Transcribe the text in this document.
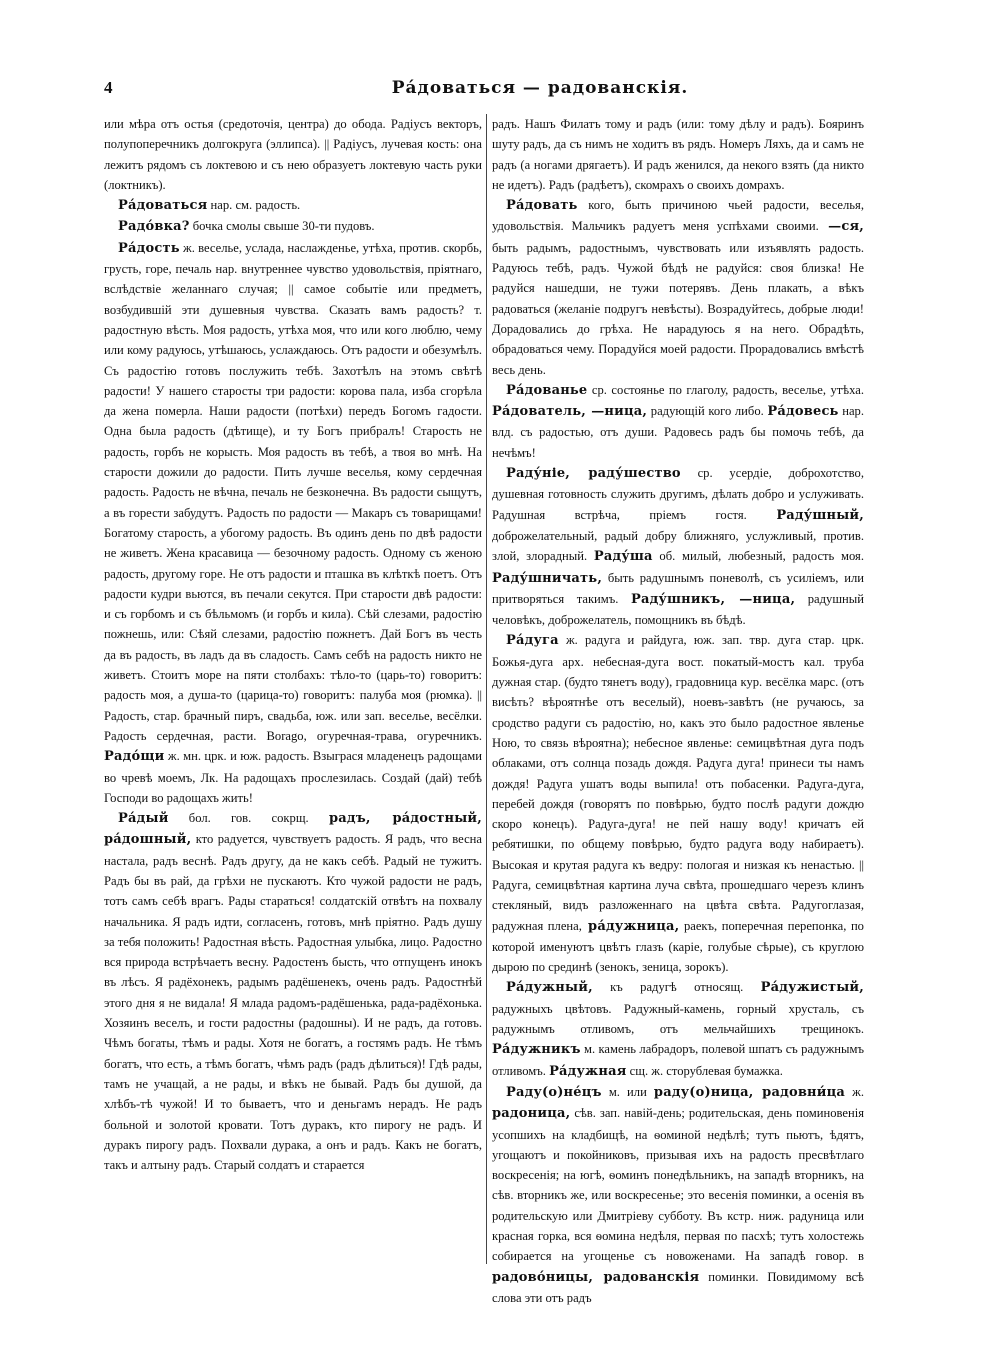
4	Ра́доваться — радованскія.

или мѣра отъ остья (средоточія, центра) до обода. Радіусъ векторъ, полупоперечникъ долгокруга (эллипса). || Радіусъ, лучевая кость: она лежитъ рядомъ съ локтевою и съ нею образуетъ локтевую часть руки (локтникъ).

Ра́доваться нар. см. радость.

Радо́вка? бочка смолы свыше 30-ти пудовъ.

Ра́дость ж. веселье, услада, наслажденье, утѣха, против. скорбь, грусть, горе, печаль нар. внутреннее чувство удовольствія, пріятнаго, вслѣдствіе желаннаго случая; || самое событіе или предметъ, возбудившій эти душевныя чувства. Сказать вамъ радость? т. радостную вѣсть. Моя радость, утѣха моя, что или кого люблю, чему или кому радуюсь, утѣшаюсь, услаждаюсь. Отъ радости и обезумѣлъ. Съ радостію готовъ послужить тебѣ. Захотѣлъ на этомъ свѣтѣ радости! У нашего старосты три радости: корова пала, изба сгорѣла да жена померла. Наши радости (потѣхи) передъ Богомъ гадости. Одна была радость (дѣтище), и ту Богъ прибралъ! Старость не радость, горбъ не корысть. Моя радость въ тебѣ, а твоя во мнѣ. На старости дожили до радости. Пить лучше веселья, кому сердечная радость. Радость не вѣчна, печаль не безконечна. Въ радости сыщутъ, а въ горести забудутъ. Радость по радости — Макаръ съ товарищами! Богатому старость, а убогому радость. Въ одинъ день по двѣ радости не живетъ. Жена красавица — безочному радость. Одному съ женою радость, другому горе. Не отъ радости и пташка въ клѣткѣ поетъ. Отъ радости кудри вьются, въ печали секутся. При старости двѣ радости: и съ горбомъ и съ бѣльмомъ (и горбъ и кила). Сѣй слезами, радостію пожнешь, или: Сѣяй слезами, радостію пожнетъ. Дай Богъ въ честь да въ радость, въ ладъ да въ сладость. Самъ себѣ на радость никто не живетъ. Стоитъ море на пяти столбахъ: тѣло-то (царь-то) говоритъ: радость моя, а душа-то (царица-то) говоритъ: палуба моя (рюмка). || Радость, стар. брачный пиръ, свадьба, юж. или зап. веселье, весёлки. Радость сердечная, расти. Borago, огуречная-трава, огуречникъ. Радо́щи ж. мн. црк. и юж. радость. Взыграся младенецъ радощами во чревѣ моемъ, Лк. На радощахъ прослезилась. Создай (дай) тебѣ Господи во радощахъ жить!

Ра́дый бол. гов. сокрщ. радъ, ра́достный, ра́дошный, кто радуется, чувствуетъ радость. Я радъ, что весна настала, радъ веснѣ. Радъ другу, да не какъ себѣ. Радый не тужитъ. Радъ бы въ рай, да грѣхи не пускаютъ. Кто чужой радости не радъ, тотъ самъ себѣ врагъ. Рады стараться! солдатскій отвѣтъ на похвалу начальника. Я радъ идти, согласенъ, готовъ, мнѣ пріятно. Радъ душу за тебя положить! Радостная вѣсть. Радостная улыбка, лицо. Радостно вся природа встрѣчаетъ весну. Радостенъ бысть, что отпущенъ инокъ въ лѣсъ. Я радёхонекъ, радымъ радёшенекъ, очень радъ. Радостнѣй этого дня я не видала! Я млада радомъ-радёшенька, рада-радёхонька. Хозяинъ веселъ, и гости радостны (радошны). И не радъ, да готовъ. Чѣмъ богаты, тѣмъ и рады. Хотя не богатъ, а гостямъ радъ. Не тѣмъ богатъ, что есть, а тѣмъ богатъ, чѣмъ радъ (радъ дѣлиться)! Гдѣ рады, тамъ не учащай, а не рады, и вѣкъ не бывай. Радъ бы душой, да хлѣбъ-тѣ чужой! И то бываетъ, что и деньгамъ нерадъ. Не радъ больной и золотой кровати. Тотъ дуракъ, кто пирогу не радъ. И дуракъ пирогу радъ. Похвали дурака, а онъ и радъ. Какъ не богатъ, такъ и алтыну радъ. Старый солдатъ и старается

радъ. Нашъ Филатъ тому и радъ (или: тому дѣлу и радъ). Бояринъ шуту радъ, да съ нимъ не ходитъ въ рядъ. Номеръ Ляхъ, да и самъ не радъ (а ногами дрягаетъ). И радъ женился, да некого взять (да никто не идетъ). Радъ (радѣетъ), скомрахъ о своихъ домрахъ.

Ра́довать кого, быть причиною чьей радости, веселья, удовольствія. Мальчикъ радуетъ меня успѣхами своими. —ся, быть радымъ, радостнымъ, чувствовать или изъявлять радость. Радуюсь тебѣ, радъ. Чужой бѣдѣ не радуйся: своя близка! Не радуйся нашедши, не тужи потерявъ. День плакать, а вѣкъ радоваться (желаніе подругъ невѣсты). Возрадуйтесь, добрые люди! Дорадовались до грѣха. Не нарадуюсь я на него. Обрадѣть, обрадоваться чему. Порадуйся моей радости. Прорадовались вмѣстѣ весь день.

Ра́дованье ср. состоянье по глаголу, радость, веселье, утѣха. Ра́дователь, —ница, радующій кого либо. Ра́довесь нар. влд. съ радостью, отъ души. Радовесь радъ бы помочь тебѣ, да нечѣмъ!

Раду́ніе, раду́шество ср. усердіе, доброхотство, душевная готовность служить другимъ, дѣлать добро и услуживать. Радушная встрѣча, пріемъ гостя. Раду́шный, доброжелательный, радый добру ближняго, услужливый, против. злой, злорадный. Раду́ша об. милый, любезный, радость моя. Раду́шничать, быть радушнымъ поневолѣ, съ усиліемъ, или притворяться такимъ. Раду́шникъ, —ница, радушный человѣкъ, доброжелатель, помощникъ въ бѣдѣ.

Ра́дуга ж. радуга и райдуга, юж. зап. твр. дуга стар. црк. Божья-дуга арх. небесная-дуга вост. покатый-мостъ кал. труба дужная стар. (будто тянетъ воду), градовница кур. весёлка марс. (отъ висѣть? вѣроятнѣе отъ веселый), ноевъ-завѣтъ (не ручаюсь, за сродство радуги съ радостію, но, какъ это было радостное явленье Ною, то связь вѣроятна); небесное явленье: семицвѣтная дуга подъ облаками, отъ солнца позадь дождя. Радуга дуга! принеси ты намъ дождя! Радуга ушатъ воды выпила! отъ побасенки. Радуга-дуга, перебей дождя (говорятъ по повѣрью, будто послѣ радуги дождю скоро конецъ). Радуга-дуга! не пей нашу воду! кричатъ ей ребятишки, по общему повѣрью, будто радуга воду набираетъ). Высокая и крутая радуга къ ведру: пологая и низкая къ ненастью. || Радуга, семицвѣтная картина луча свѣта, прошедшаго черезъ клинъ стекляный, видъ разложеннаго на цвѣта свѣта. Радугоглазая, радужная плена, ра́дужница, раекъ, поперечная перепонка, по которой именуютъ цвѣтъ глазъ (каріе, голубые сѣрые), съ круглою дырою по срединѣ (зенокъ, зеница, зорокъ).

Ра́дужный, къ радугѣ относящ. Ра́дужистый, радужныхъ цвѣтовъ. Радужный-камень, горный хрусталь, съ радужнымъ отливомъ, отъ мельчайшихъ трещинокъ. Ра́дужникъ м. камень лабрадоръ, полевой шпатъ съ радужнымъ отливомъ. Ра́дужная сщ. ж. сторублевая бумажка.

Раду(о)не́цъ м. или раду(о)ница, радовни́ца ж. радоница, сѣв. зап. навій-день; родительская, день поминовенія усопшихъ на кладбищѣ, на ѳоминой недѣлѣ; тутъ пьютъ, ѣдятъ, угощаютъ и покойниковъ, призывая ихъ на радость пресвѣтлаго воскресенія; на югѣ, ѳоминъ понедѣльникъ, на западѣ вторникъ, на сѣв. вторникъ же, или воскресенье; это весенія поминки, а осенія въ родительскую или Дмитріеву субботу. Въ кстр. ниж. радуница или красная горка, вся ѳомина недѣля, первая по пасхѣ; тутъ холостежь собирается на угощенье съ новоженами. На западѣ говор. в радово́ницы, радованскія поминки. Повидимому всѣ слова эти отъ радъ
